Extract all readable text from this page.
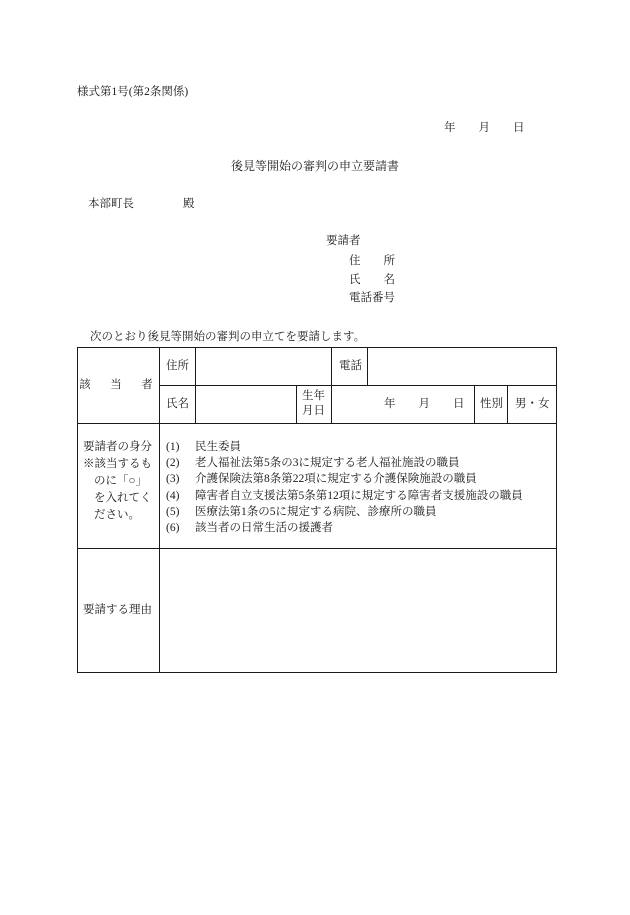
様式第1号(第2条関係)
年　　月　　日
後見等開始の審判の申立要請書
本部町長	殿
要請者
住　　所
氏　　名
電話番号
次のとおり後見等開始の審判の申立てを要請します。
該　当　者
住所	電話
氏名
生年
月日
年　　月　　日 性別 男・女
要請者の身分
※該当するも
のに「○」
を入れてく
ださい。
(1) 民生委員
(2) 老人福祉法第5条の3に規定する老人福祉施設の職員
(3) 介護保険法第8条第22項に規定する介護保険施設の職員
(4) 障害者自立支援法第5条第12項に規定する障害者支援施設の職員
(5) 医療法第1条の5に規定する病院、診療所の職員
(6) 該当者の日常生活の援護者
要請する理由
